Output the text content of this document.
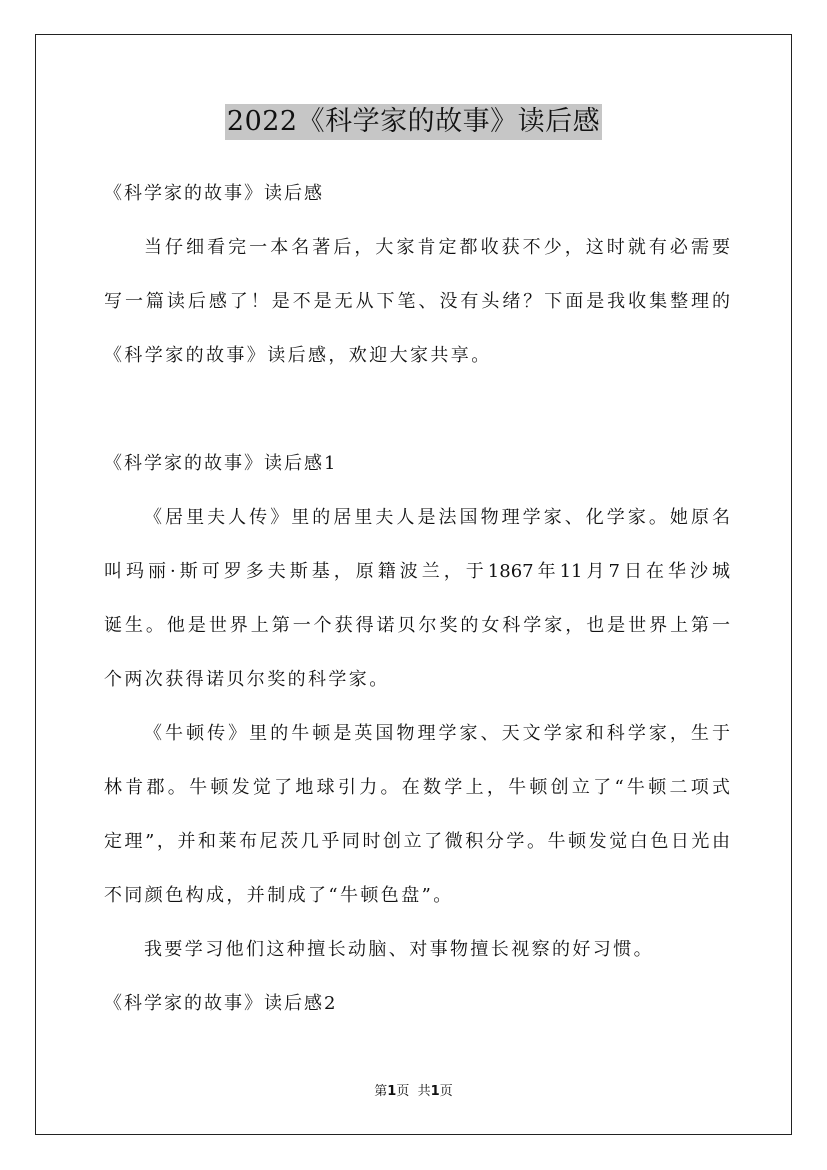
2022《科学家的故事》读后感
《科学家的故事》读后感
当仔细看完一本名著后，大家肯定都收获不少，这时就有必需要
写一篇读后感了！是不是无从下笔、没有头绪？下面是我收集整理的
《科学家的故事》读后感，欢迎大家共享。
《科学家的故事》读后感1
《居里夫人传》里的居里夫人是法国物理学家、化学家。她原名
叫玛丽·斯可罗多夫斯基，原籍波兰，于1867年11月7日在华沙城
诞生。他是世界上第一个获得诺贝尔奖的女科学家，也是世界上第一
个两次获得诺贝尔奖的科学家。
《牛顿传》里的牛顿是英国物理学家、天文学家和科学家，生于
林肯郡。牛顿发觉了地球引力。在数学上，牛顿创立了“牛顿二项式
定理”，并和莱布尼茨几乎同时创立了微积分学。牛顿发觉白色日光由
不同颜色构成，并制成了“牛顿色盘”。
我要学习他们这种擅长动脑、对事物擅长视察的好习惯。
《科学家的故事》读后感2
第1页 共1页
